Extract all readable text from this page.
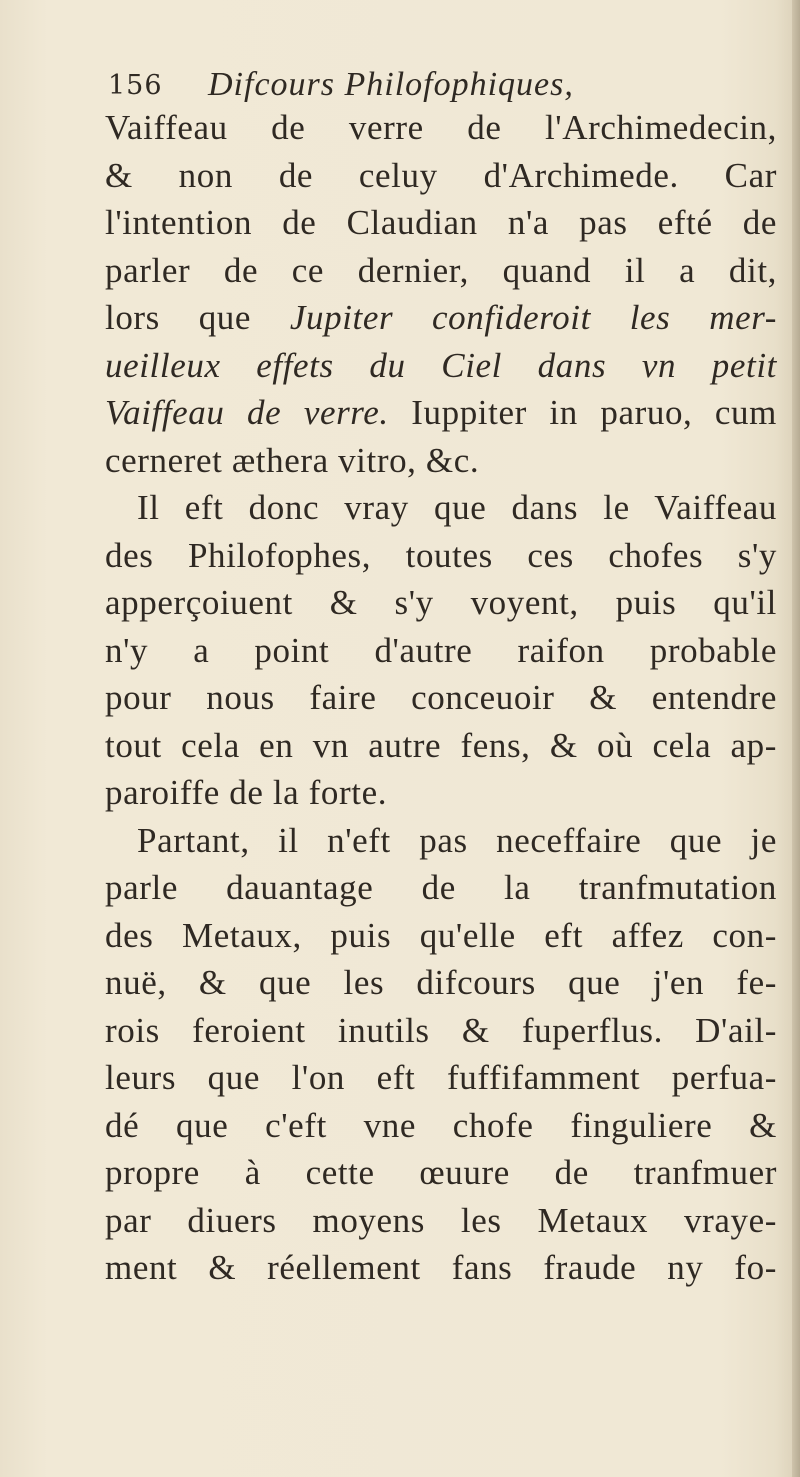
156 Difcours Philofophiques,
Vaiffeau de verre de l'Archimedecin,
& non de celuy d'Archimede. Car
l'intention de Claudian n'a pas efté de
parler de ce dernier, quand il a dit,
lors que Jupiter confideroit les mer-
ueilleux effets du Ciel dans vn petit
Vaiffeau de verre. Iuppiter in paruo, cum
cerneret æthera vitro, &c.
Il eft donc vray que dans le Vaiffeau
des Philofophes, toutes ces chofes s'y
apperçoiuent & s'y voyent, puis qu'il
n'y a point d'autre raifon probable
pour nous faire conceuoir & entendre
tout cela en vn autre fens, & où cela ap-
paroiffe de la forte.
Partant, il n'eft pas neceffaire que je
parle dauantage de la tranfmutation
des Metaux, puis qu'elle eft affez con-
nuë, & que les difcours que j'en fe-
rois feroient inutils & fuperflus. D'ail-
leurs que l'on eft fuffifamment perfua-
dé que c'eft vne chofe finguliere &
propre à cette œuure de tranfmuer
par diuers moyens les Metaux vraye-
ment & réellement fans fraude ny fo-
